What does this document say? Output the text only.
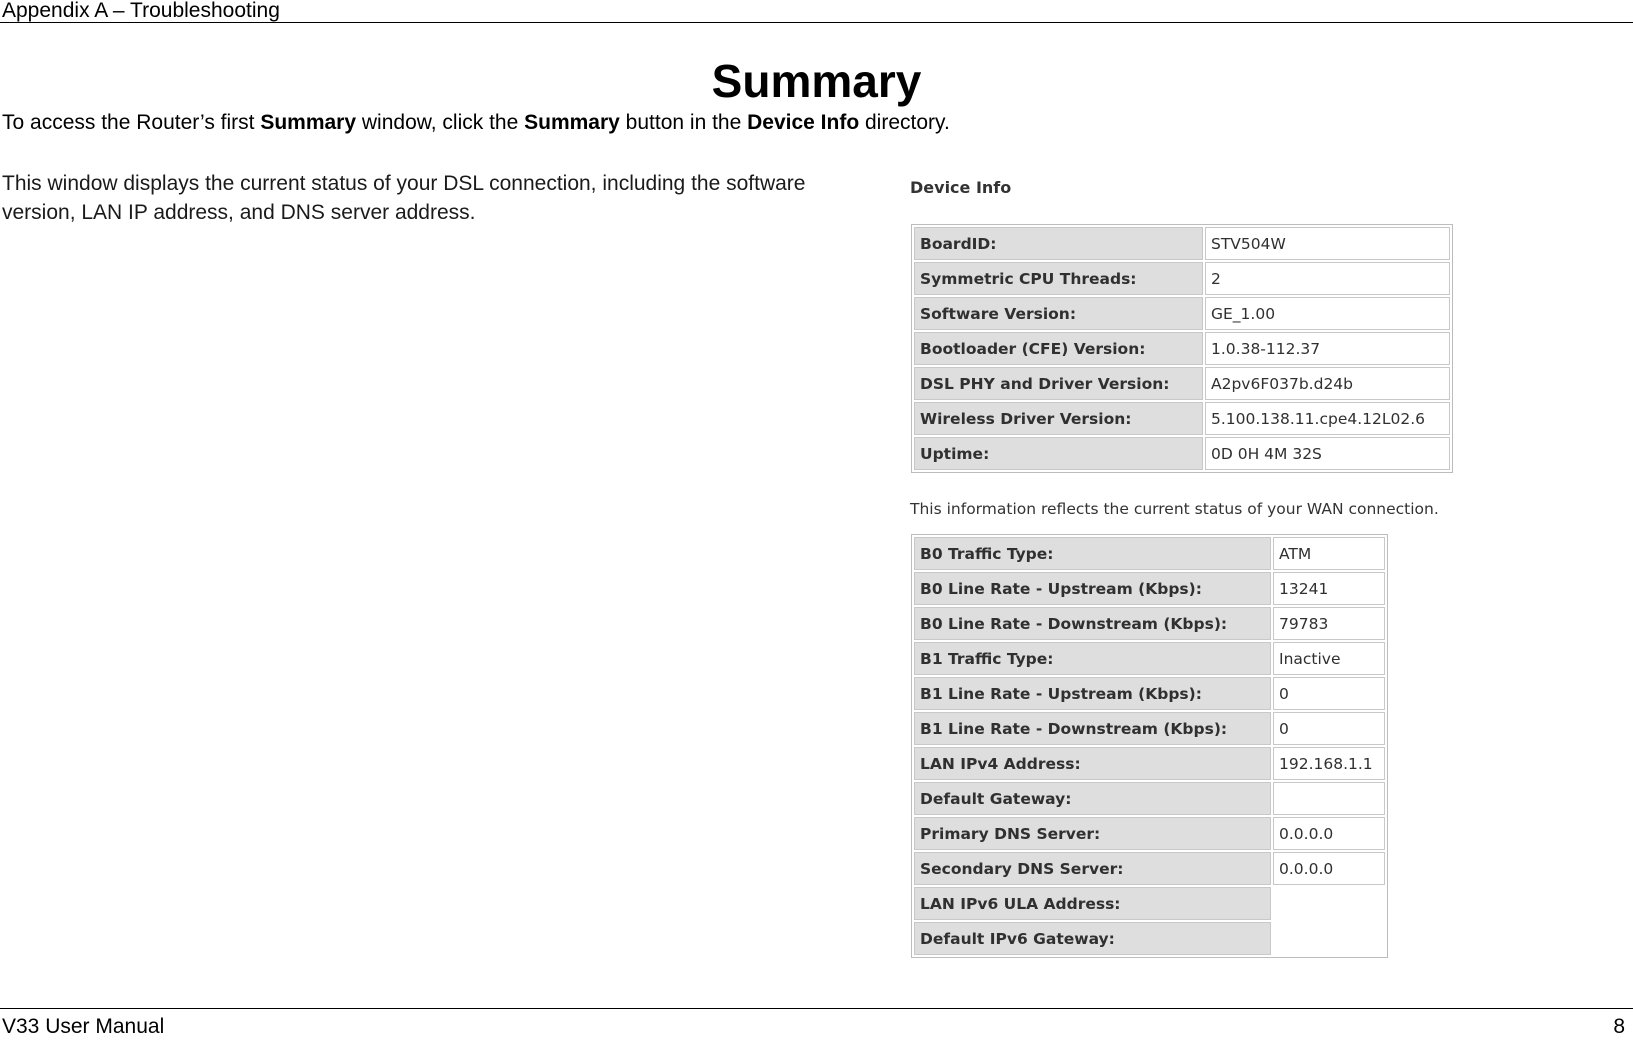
Appendix A – Troubleshooting
Summary
To access the Router’s first Summary window, click the Summary button in the Device Info directory.
This window displays the current status of your DSL connection, including the software version, LAN IP address, and DNS server address.
Device Info
BoardID:	STV504W
Symmetric CPU Threads:	2
Software Version:	GE_1.00
Bootloader (CFE) Version:	1.0.38-112.37
DSL PHY and Driver Version:	A2pv6F037b.d24b
Wireless Driver Version:	5.100.138.11.cpe4.12L02.6
Uptime:	0D 0H 4M 32S
This information reflects the current status of your WAN connection.
B0 Traffic Type:	ATM
B0 Line Rate - Upstream (Kbps):	13241
B0 Line Rate - Downstream (Kbps):	79783
B1 Traffic Type:	Inactive
B1 Line Rate - Upstream (Kbps):	0
B1 Line Rate - Downstream (Kbps):	0
LAN IPv4 Address:	192.168.1.1
Default Gateway:	
Primary DNS Server:	0.0.0.0
Secondary DNS Server:	0.0.0.0
LAN IPv6 ULA Address:	
Default IPv6 Gateway:	
V33 User Manual	8
